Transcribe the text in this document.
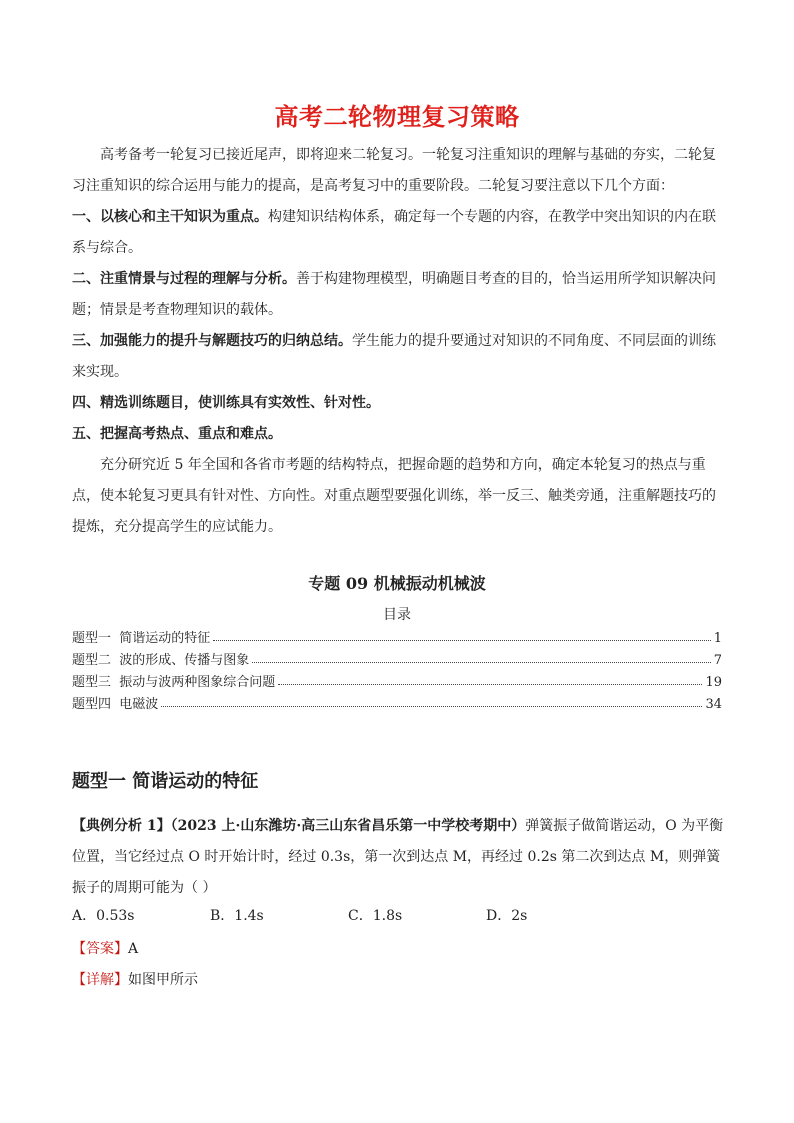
高考二轮物理复习策略

高考备考一轮复习已接近尾声，即将迎来二轮复习。一轮复习注重知识的理解与基础的夯实，二轮复习注重知识的综合运用与能力的提高，是高考复习中的重要阶段。二轮复习要注意以下几个方面：

一、以核心和主干知识为重点。构建知识结构体系，确定每一个专题的内容，在教学中突出知识的内在联系与综合。

二、注重情景与过程的理解与分析。善于构建物理模型，明确题目考查的目的，恰当运用所学知识解决问题；情景是考查物理知识的载体。

三、加强能力的提升与解题技巧的归纳总结。学生能力的提升要通过对知识的不同角度、不同层面的训练来实现。

四、精选训练题目，使训练具有实效性、针对性。

五、把握高考热点、重点和难点。

充分研究近 5 年全国和各省市考题的结构特点，把握命题的趋势和方向，确定本轮复习的热点与重点，使本轮复习更具有针对性、方向性。对重点题型要强化训练，举一反三、触类旁通，注重解题技巧的提炼，充分提高学生的应试能力。

专题 09 机械振动机械波
目录
题型一  简谐运动的特征	1
题型二  波的形成、传播与图象	7
题型三  振动与波两种图象综合问题	19
题型四  电磁波	34
题型一 简谐运动的特征

【典例分析 1】（2023 上·山东潍坊·高三山东省昌乐第一中学校考期中）弹簧振子做简谐运动，O 为平衡位置，当它经过点 O 时开始计时，经过 0.3s，第一次到达点 M，再经过 0.2s 第二次到达点 M，则弹簧振子的周期可能为（ ）

A．0.53s	B．1.4s	C．1.8s	D．2s
【答案】A
【详解】如图甲所示
